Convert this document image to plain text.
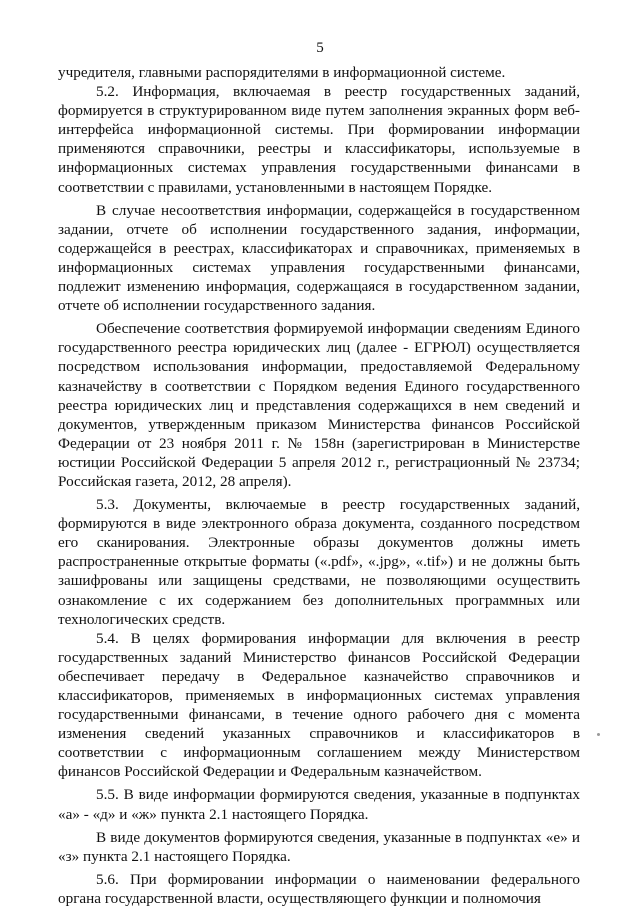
5

учредителя, главными распорядителями в информационной системе.

5.2. Информация, включаемая в реестр государственных заданий, формируется в структурированном виде путем заполнения экранных форм веб-интерфейса информационной системы. При формировании информации применяются справочники, реестры и классификаторы, используемые в информационных системах управления государственными финансами в соответствии с правилами, установленными в настоящем Порядке.

В случае несоответствия информации, содержащейся в государственном задании, отчете об исполнении государственного задания, информации, содержащейся в реестрах, классификаторах и справочниках, применяемых в информационных системах управления государственными финансами, подлежит изменению информация, содержащаяся в государственном задании, отчете об исполнении государственного задания.

Обеспечение соответствия формируемой информации сведениям Единого государственного реестра юридических лиц (далее - ЕГРЮЛ) осуществляется посредством использования информации, предоставляемой Федеральному казначейству в соответствии с Порядком ведения Единого государственного реестра юридических лиц и представления содержащихся в нем сведений и документов, утвержденным приказом Министерства финансов Российской Федерации от 23 ноября 2011 г. № 158н (зарегистрирован в Министерстве юстиции Российской Федерации 5 апреля 2012 г., регистрационный № 23734; Российская газета, 2012, 28 апреля).

5.3. Документы, включаемые в реестр государственных заданий, формируются в виде электронного образа документа, созданного посредством его сканирования. Электронные образы документов должны иметь распространенные открытые форматы («.pdf», «.jpg», «.tif») и не должны быть зашифрованы или защищены средствами, не позволяющими осуществить ознакомление с их содержанием без дополнительных программных или технологических средств.

5.4. В целях формирования информации для включения в реестр государственных заданий Министерство финансов Российской Федерации обеспечивает передачу в Федеральное казначейство справочников и классификаторов, применяемых в информационных системах управления государственными финансами, в течение одного рабочего дня с момента изменения сведений указанных справочников и классификаторов в соответствии с информационным соглашением между Министерством финансов Российской Федерации и Федеральным казначейством.

5.5. В виде информации формируются сведения, указанные в подпунктах «а» - «д» и «ж» пункта 2.1 настоящего Порядка.

В виде документов формируются сведения, указанные в подпунктах «е» и «з» пункта 2.1 настоящего Порядка.

5.6. При формировании информации о наименовании федерального органа государственной власти, осуществляющего функции и полномочия
